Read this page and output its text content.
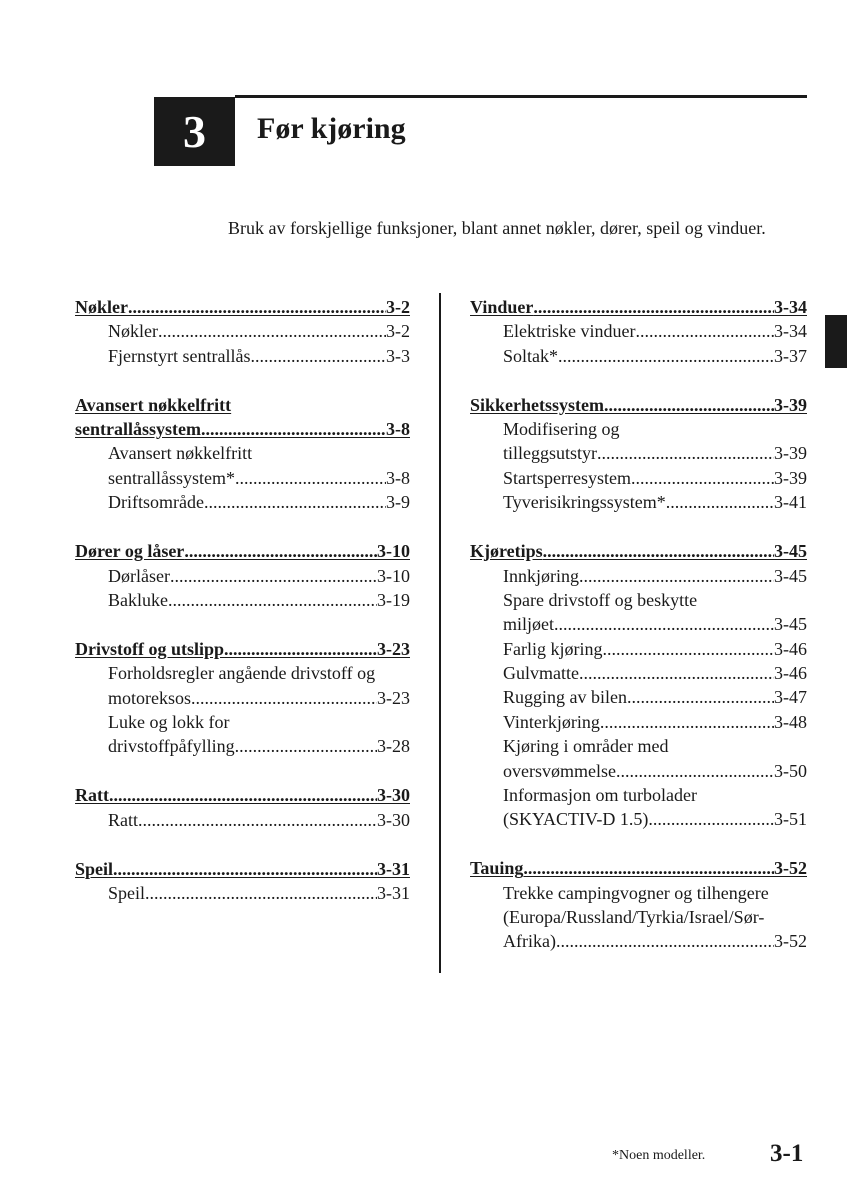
3 Før kjøring
Bruk av forskjellige funksjoner, blant annet nøkler, dører, speil og vinduer.
Nøkler .....	3-2
Nøkler .....	3-2
Fjernstyrt sentrallås .....	3-3
Avansert nøkkelfritt
sentrallåssystem .....	3-8
Avansert nøkkelfritt
sentrallåssystem* .....	3-8
Driftsområde .....	3-9
Dører og låser .....	3-10
Dørlåser .....	3-10
Bakluke .....	3-19
Drivstoff og utslipp .....	3-23
Forholdsregler angående drivstoff og
motoreksos .....	3-23
Luke og lokk for
drivstoffpåfylling .....	3-28
Ratt .....	3-30
Ratt .....	3-30
Speil .....	3-31
Speil .....	3-31
Vinduer .....	3-34
Elektriske vinduer .....	3-34
Soltak* .....	3-37
Sikkerhetssystem .....	3-39
Modifisering og
tilleggsutstyr .....	3-39
Startsperresystem .....	3-39
Tyverisikringssystem* .....	3-41
Kjøretips .....	3-45
Innkjøring .....	3-45
Spare drivstoff og beskytte
miljøet .....	3-45
Farlig kjøring .....	3-46
Gulvmatte .....	3-46
Rugging av bilen .....	3-47
Vinterkjøring .....	3-48
Kjøring i områder med
oversvømmelse .....	3-50
Informasjon om turbolader
(SKYACTIV-D 1.5) .....	3-51
Tauing .....	3-52
Trekke campingvogner og tilhengere
(Europa/Russland/Tyrkia/Israel/Sør-
Afrika) .....	3-52
*Noen modeller.	3-1
